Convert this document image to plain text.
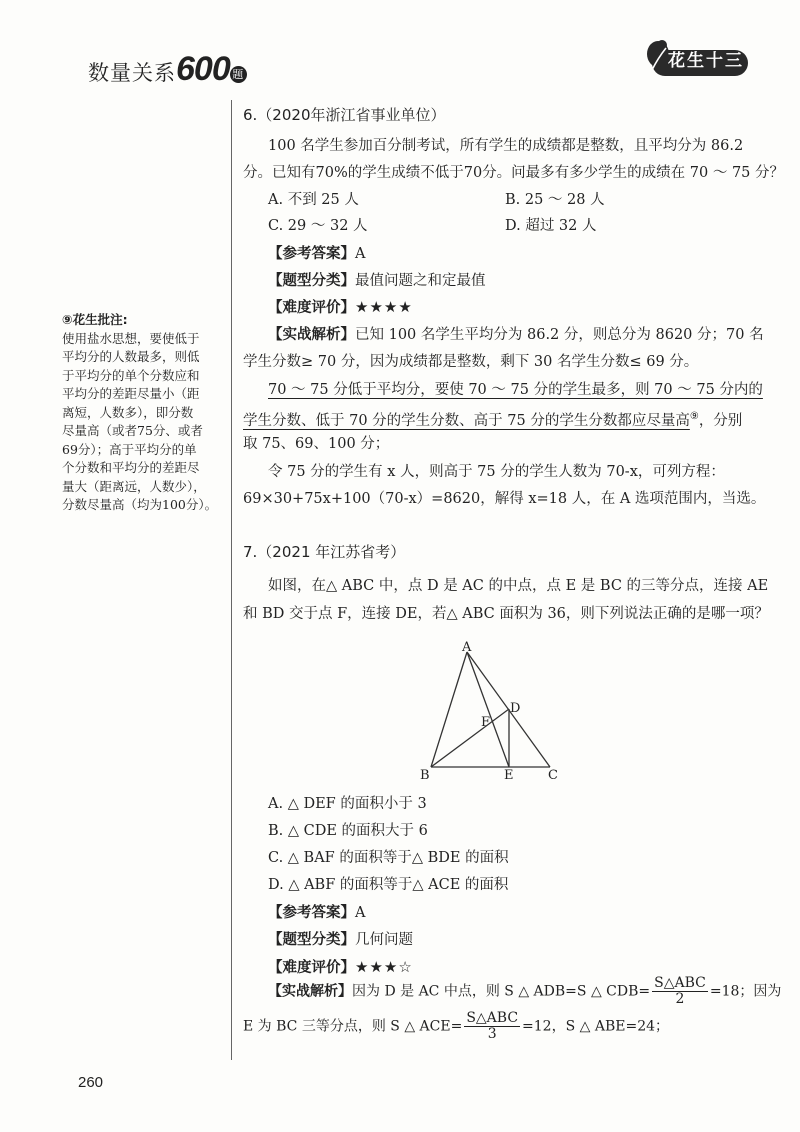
数量关系600 题
花生十三
⑨花生批注:
使用盐水思想，要使低于
平均分的人数最多，则低
于平均分的单个分数应和
平均分的差距尽量小（距
离短，人数多），即分数
尽量高（或者75分、或者
69分）；高于平均分的单
个分数和平均分的差距尽
量大（距离远，人数少），
分数尽量高（均为100分）。
6.（2020年浙江省事业单位）
100 名学生参加百分制考试，所有学生的成绩都是整数，且平均分为 86.2
分。已知有70%的学生成绩不低于70分。问最多有多少学生的成绩在 70 ～ 75 分？
A. 不到 25 人	B. 25 ～ 28 人
C. 29 ～ 32 人	D. 超过 32 人
【参考答案】A
【题型分类】最值问题之和定最值
【难度评价】★★★★
【实战解析】已知 100 名学生平均分为 86.2 分，则总分为 8620 分；70 名
学生分数≥ 70 分，因为成绩都是整数，剩下 30 名学生分数≤ 69 分。
70 ～ 75 分低于平均分，要使 70 ～ 75 分的学生最多，则 70 ～ 75 分内的
学生分数、低于 70 分的学生分数、高于 75 分的学生分数都应尽量高⑨，分别
取 75、69、100 分；
令 75 分的学生有 x 人，则高于 75 分的学生人数为 70-x，可列方程：
69×30+75x+100（70-x）=8620，解得 x=18 人，在 A 选项范围内，当选。
7.（2021 年江苏省考）
如图，在△ ABC 中，点 D 是 AC 的中点，点 E 是 BC 的三等分点，连接 AE
和 BD 交于点 F，连接 DE，若△ ABC 面积为 36，则下列说法正确的是哪一项？
A
B	C
D
E
F
A. △ DEF 的面积小于 3
B. △ CDE 的面积大于 6
C. △ BAF 的面积等于△ BDE 的面积
D. △ ABF 的面积等于△ ACE 的面积
【参考答案】A
【题型分类】几何问题
【难度评价】★★★☆
【实战解析】因为 D 是 AC 中点，则 S △ ADB=S △ $CDB= \frac{\text{S△ABC}}{2} =18$；因为
E 为 BC 三等分点，则 S △ $ACE= \frac{\text{S△ABC}}{3} =12$，S △ ABE=24；
260
